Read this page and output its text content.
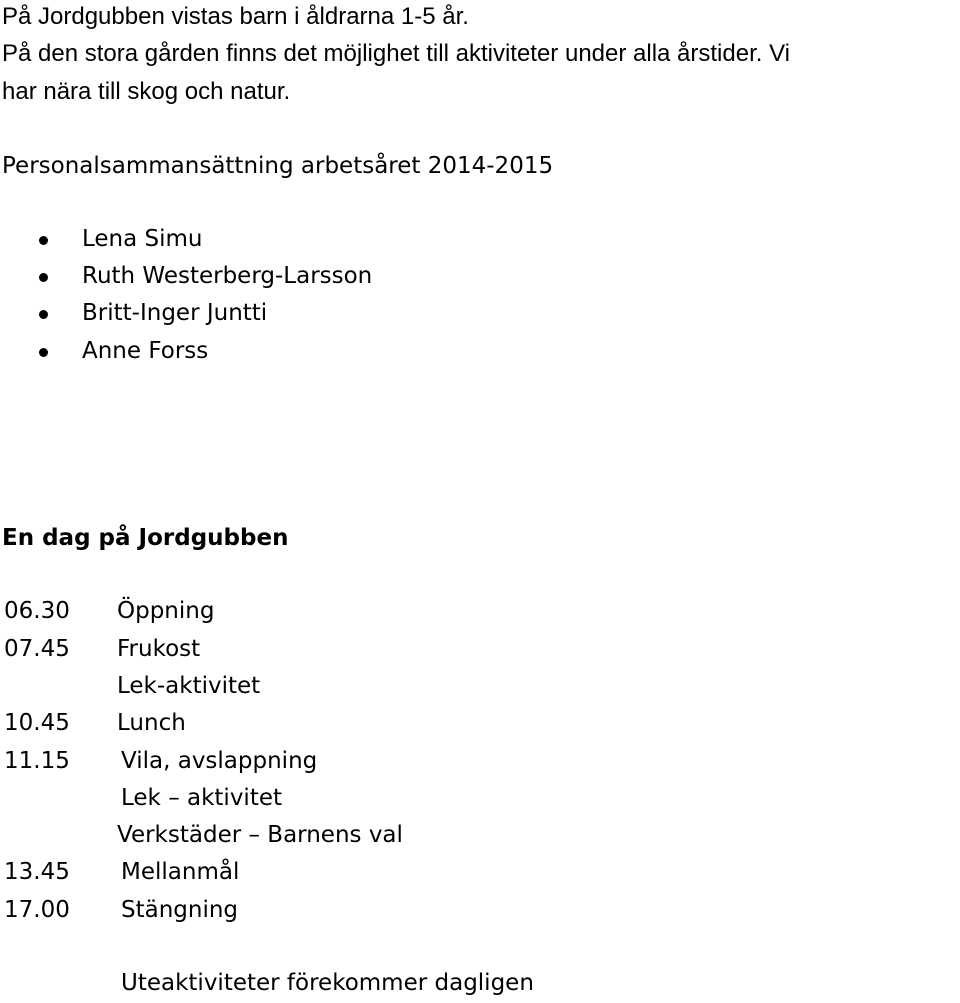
På Jordgubben vistas barn i åldrarna 1-5 år.
På den stora gården finns det möjlighet till aktiviteter under alla årstider. Vi
har nära till skog och natur.
Personalsammansättning arbetsåret 2014-2015
Lena Simu
Ruth Westerberg-Larsson
Britt-Inger Juntti
Anne Forss
En dag på Jordgubben
06.30 Öppning
07.45 Frukost
Lek-aktivitet
10.45 Lunch
11.15 Vila, avslappning
Lek – aktivitet
Verkstäder – Barnens val
13.45 Mellanmål
17.00 Stängning
Uteaktiviteter förekommer dagligen
